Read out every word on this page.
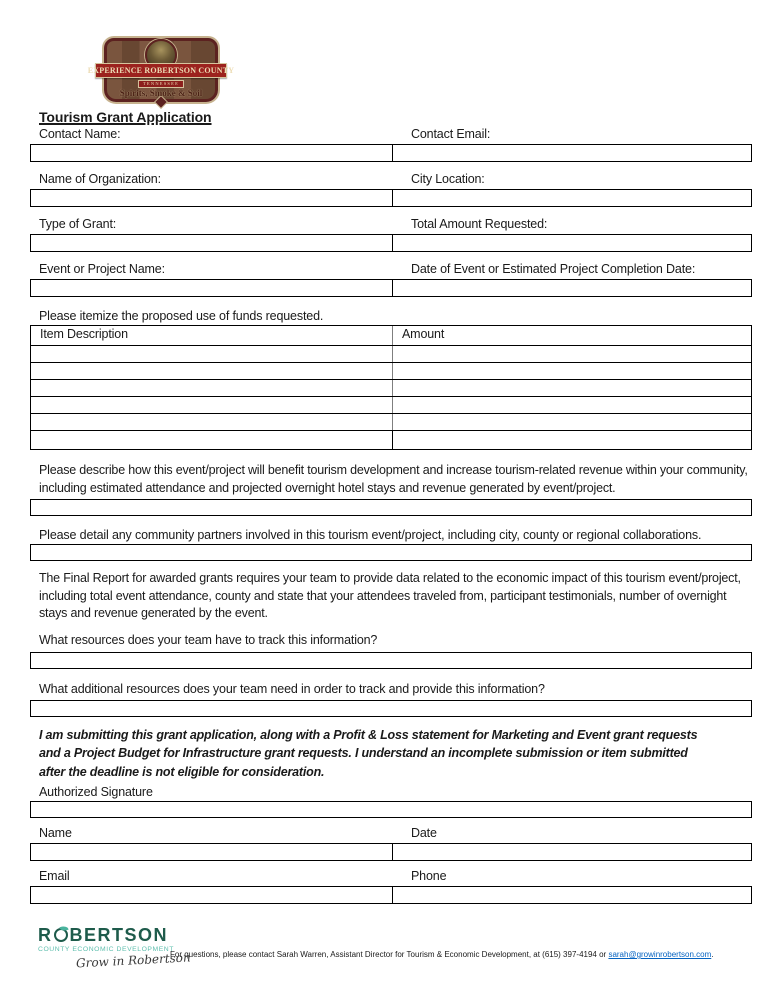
EXPERIENCE ROBERTSON COUNTY
TENNESSEE
Spirits, Smoke & Soil
Tourism Grant Application
Contact Name:	Contact Email:
Name of Organization:	City Location:
Type of Grant:	Total Amount Requested:
Event or Project Name:	Date of Event or Estimated Project Completion Date:
Please itemize the proposed use of funds requested.
Item Description	Amount
Please describe how this event/project will benefit tourism development and increase tourism-related revenue within your community, including estimated attendance and projected overnight hotel stays and revenue generated by event/project.
Please detail any community partners involved in this tourism event/project, including city, county or regional collaborations.
The Final Report for awarded grants requires your team to provide data related to the economic impact of this tourism event/project, including total event attendance, county and state that your attendees traveled from, participant testimonials, number of overnight stays and revenue generated by the event.
What resources does your team have to track this information?
What additional resources does your team need in order to track and provide this information?
I am submitting this grant application, along with a Profit & Loss statement for Marketing and Event grant requests and a Project Budget for Infrastructure grant requests. I understand an incomplete submission or item submitted after the deadline is not eligible for consideration.
Authorized Signature
Name	Date
Email	Phone
R BERTSON
COUNTY ECONOMIC DEVELOPMENT
Grow in Robertson
For questions, please contact Sarah Warren, Assistant Director for Tourism & Economic Development, at (615) 397-4194 or sarah@growinrobertson.com.
